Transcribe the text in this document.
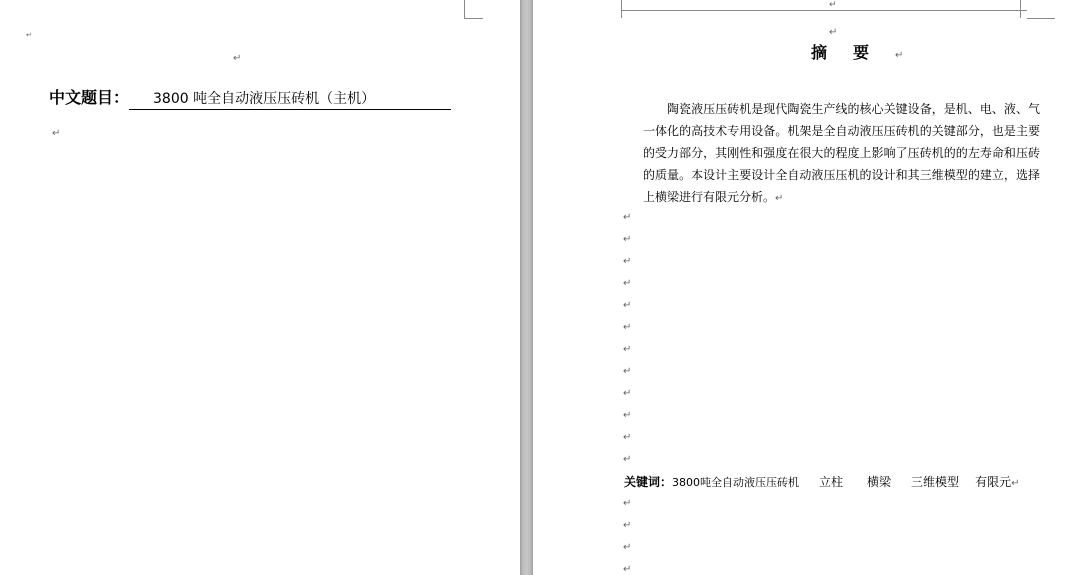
↵
↵
中文题目： 3800 吨全自动液压压砖机（主机）
↵
↵
↵
摘要↵
陶瓷液压压砖机是现代陶瓷生产线的核心关键设备，是机、电、液、气一体化的高技术专用设备。机架是全自动液压压砖机的关键部分，也是主要的受力部分，其刚性和强度在很大的程度上影响了压砖机的的左寿命和压砖的质量。本设计主要设计全自动液压压机的设计和其三维模型的建立，选择上横梁进行有限元分析。↵
↵
↵
↵
↵
↵
↵
↵
↵
↵
↵
↵
↵
关键词：3800吨全自动液压压砖机 立柱 横梁 三维模型 有限元↵
↵
↵
↵
↵
